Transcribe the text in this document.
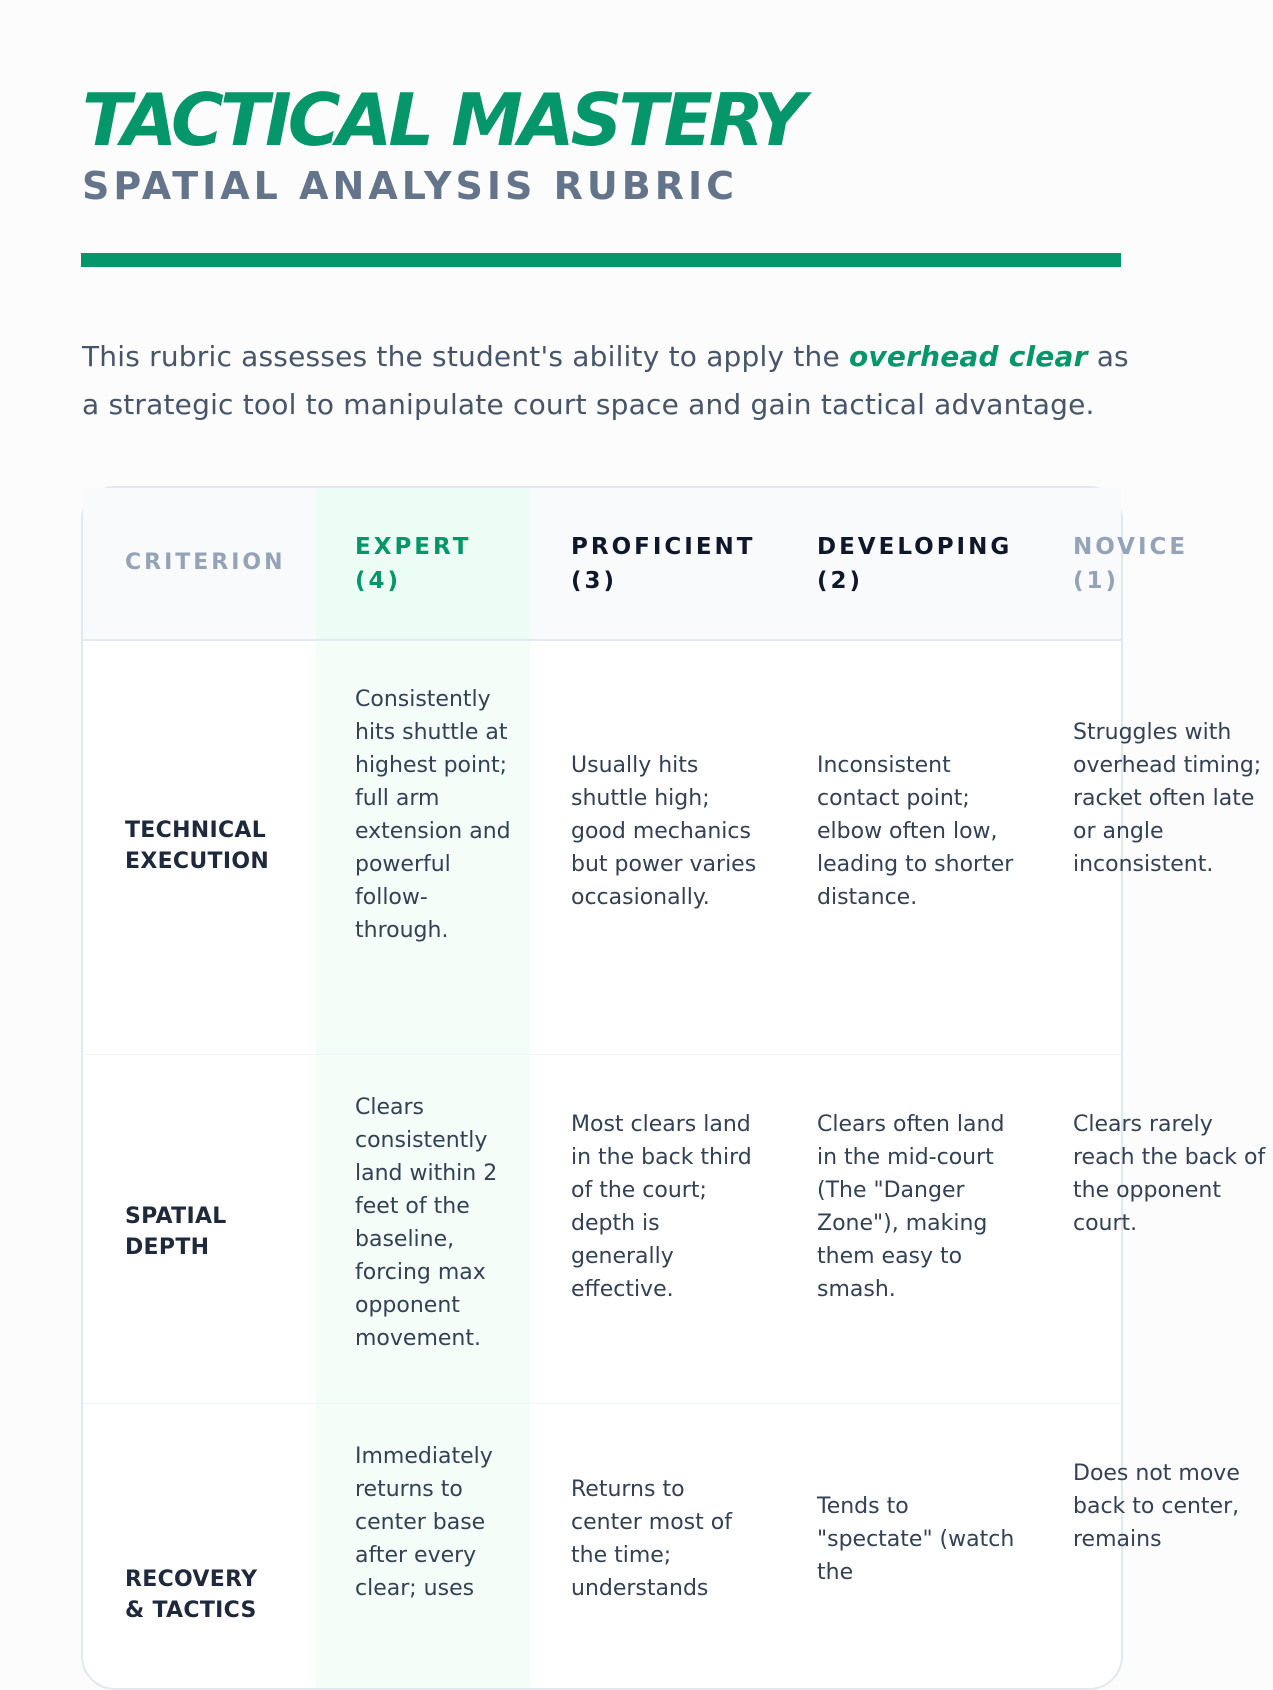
TACTICAL MASTERY
SPATIAL ANALYSIS RUBRIC

This rubric assesses the student's ability to apply the overhead clear as a strategic tool to manipulate court space and gain tactical advantage.

CRITERION
EXPERT
(4)
PROFICIENT
(3)
DEVELOPING
(2)
NOVICE
(1)
TECHNICAL
EXECUTION
Consistently hits shuttle at highest point; full arm extension and powerful follow-through.
Usually hits shuttle high; good mechanics but power varies occasionally.
Inconsistent contact point; elbow often low, leading to shorter distance.
Struggles with overhead timing; racket often late or angle inconsistent.
SPATIAL
DEPTH
Clears consistently land within 2 feet of the baseline, forcing max opponent movement.
Most clears land in the back third of the court; depth is generally effective.
Clears often land in the mid-court (The "Danger Zone"), making them easy to smash.
Clears rarely reach the back of the opponent court.
RECOVERY
& TACTICS
Immediately returns to center base after every clear; uses
Returns to center most of the time; understands
Tends to "spectate" (watch the
Does not move back to center, remains
